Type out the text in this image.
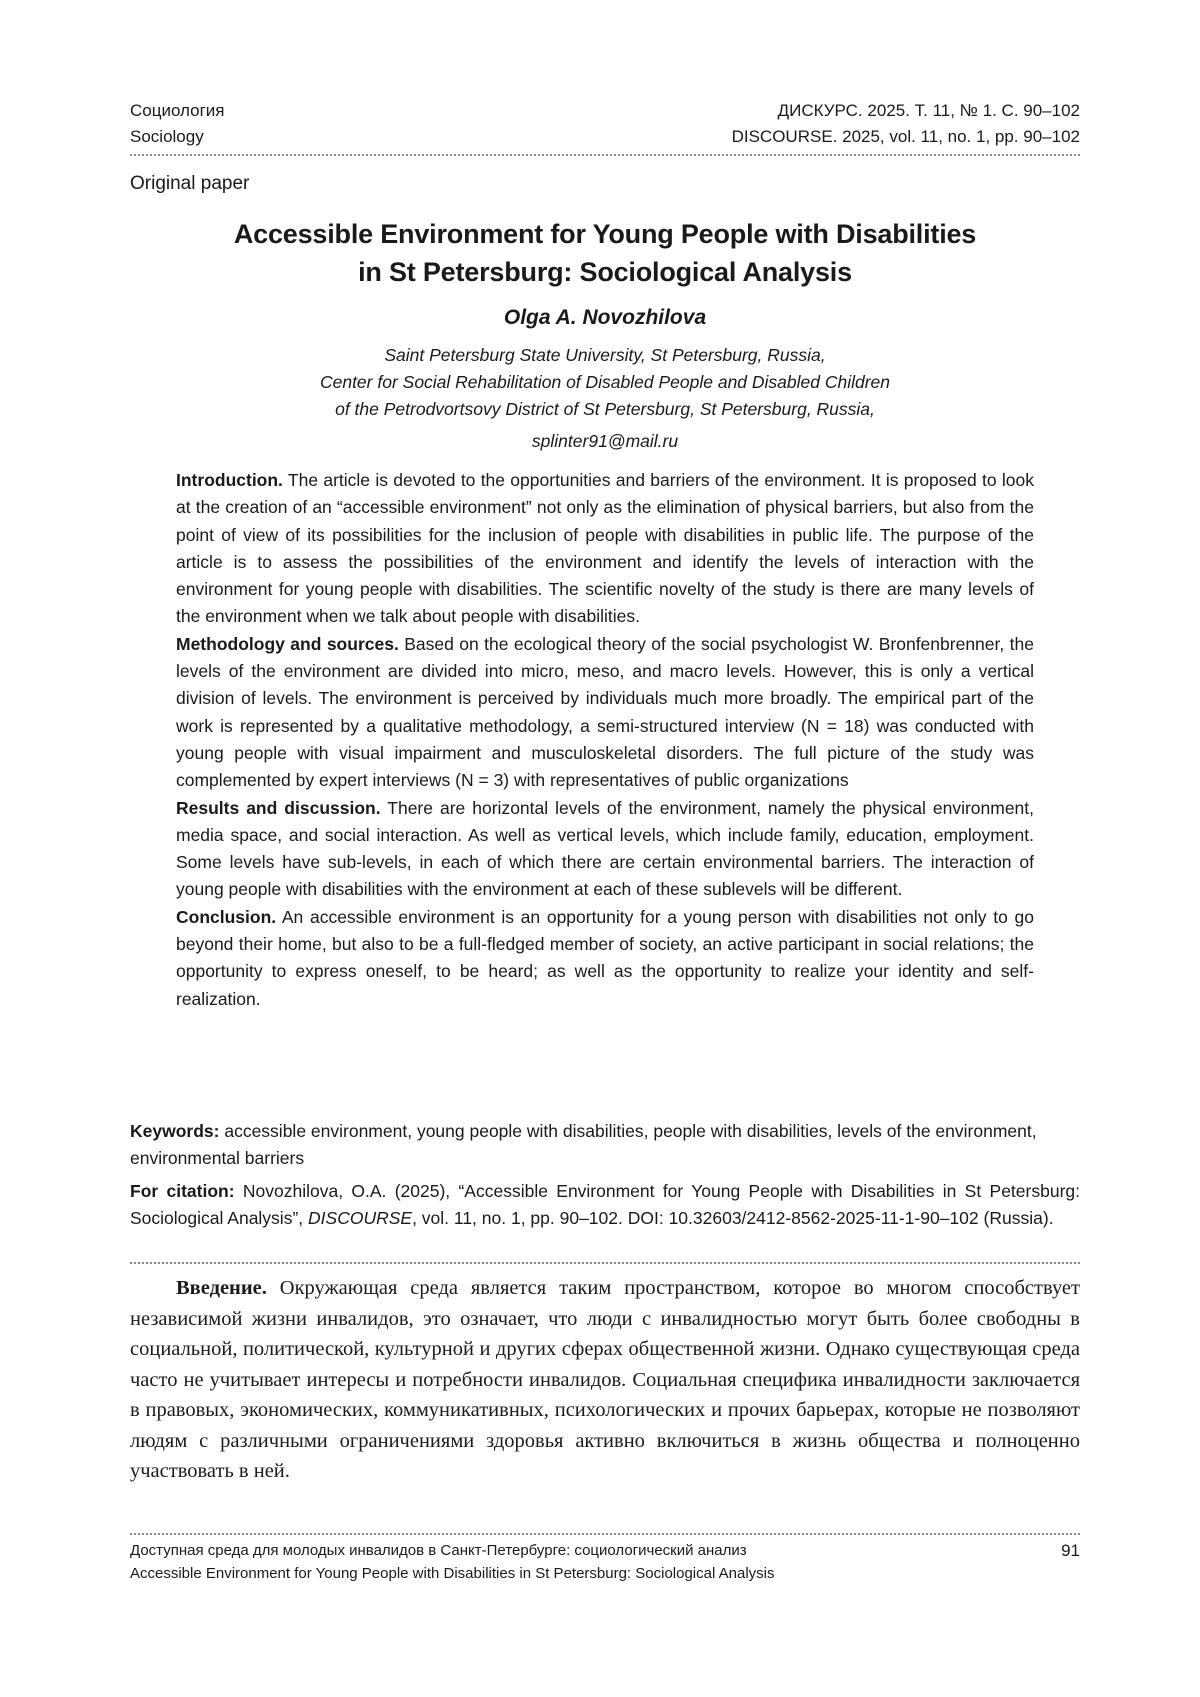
Социология
Sociology
ДИСКУРС. 2025. Т. 11, № 1. С. 90–102
DISCOURSE. 2025, vol. 11, no. 1, pp. 90–102
Original paper
Accessible Environment for Young People with Disabilities
in St Petersburg: Sociological Analysis
Olga A. Novozhilova
Saint Petersburg State University, St Petersburg, Russia,
Center for Social Rehabilitation of Disabled People and Disabled Children
of the Petrodvortsovy District of St Petersburg, St Petersburg, Russia,
splinter91@mail.ru

Introduction. The article is devoted to the opportunities and barriers of the environment. It is proposed to look at the creation of an “accessible environment” not only as the elimination of physical barriers, but also from the point of view of its possibilities for the inclusion of people with disabilities in public life. The purpose of the article is to assess the possibilities of the environment and identify the levels of interaction with the environment for young people with disabilities. The scientific novelty of the study is there are many levels of the environment when we talk about people with disabilities.

Methodology and sources. Based on the ecological theory of the social psychologist W. Bronfenbrenner, the levels of the environment are divided into micro, meso, and macro levels. However, this is only a vertical division of levels. The environment is perceived by individuals much more broadly. The empirical part of the work is represented by a qualitative methodology, a semi-structured interview (N = 18) was conducted with young people with visual impairment and musculoskeletal disorders. The full picture of the study was complemented by expert interviews (N = 3) with representatives of public organizations

Results and discussion. There are horizontal levels of the environment, namely the physical environment, media space, and social interaction. As well as vertical levels, which include family, education, employment. Some levels have sub-levels, in each of which there are certain environmental barriers. The interaction of young people with disabilities with the environment at each of these sublevels will be different.

Conclusion. An accessible environment is an opportunity for a young person with disabilities not only to go beyond their home, but also to be a full-fledged member of society, an active participant in social relations; the opportunity to express oneself, to be heard; as well as the opportunity to realize your identity and self-realization.

Keywords: accessible environment, young people with disabilities, people with disabilities, levels of the environment, environmental barriers
For citation: Novozhilova, O.A. (2025), “Accessible Environment for Young People with Disabilities in St Petersburg: Sociological Analysis”, DISCOURSE, vol. 11, no. 1, pp. 90–102. DOI: 10.32603/2412-8562-2025-11-1-90–102 (Russia).

Введение. Окружающая среда является таким пространством, которое во многом способствует независимой жизни инвалидов, это означает, что люди с инвалидностью могут быть более свободны в социальной, политической, культурной и других сферах общественной жизни. Однако существующая среда часто не учитывает интересы и потребности инвалидов. Социальная специфика инвалидности заключается в правовых, экономических, коммуникативных, психологических и прочих барьерах, которые не позволяют людям с различными ограничениями здоровья активно включиться в жизнь общества и полноценно участвовать в ней.

Доступная среда для молодых инвалидов в Санкт-Петербурге: социологический анализ
Accessible Environment for Young People with Disabilities in St Petersburg: Sociological Analysis
91
